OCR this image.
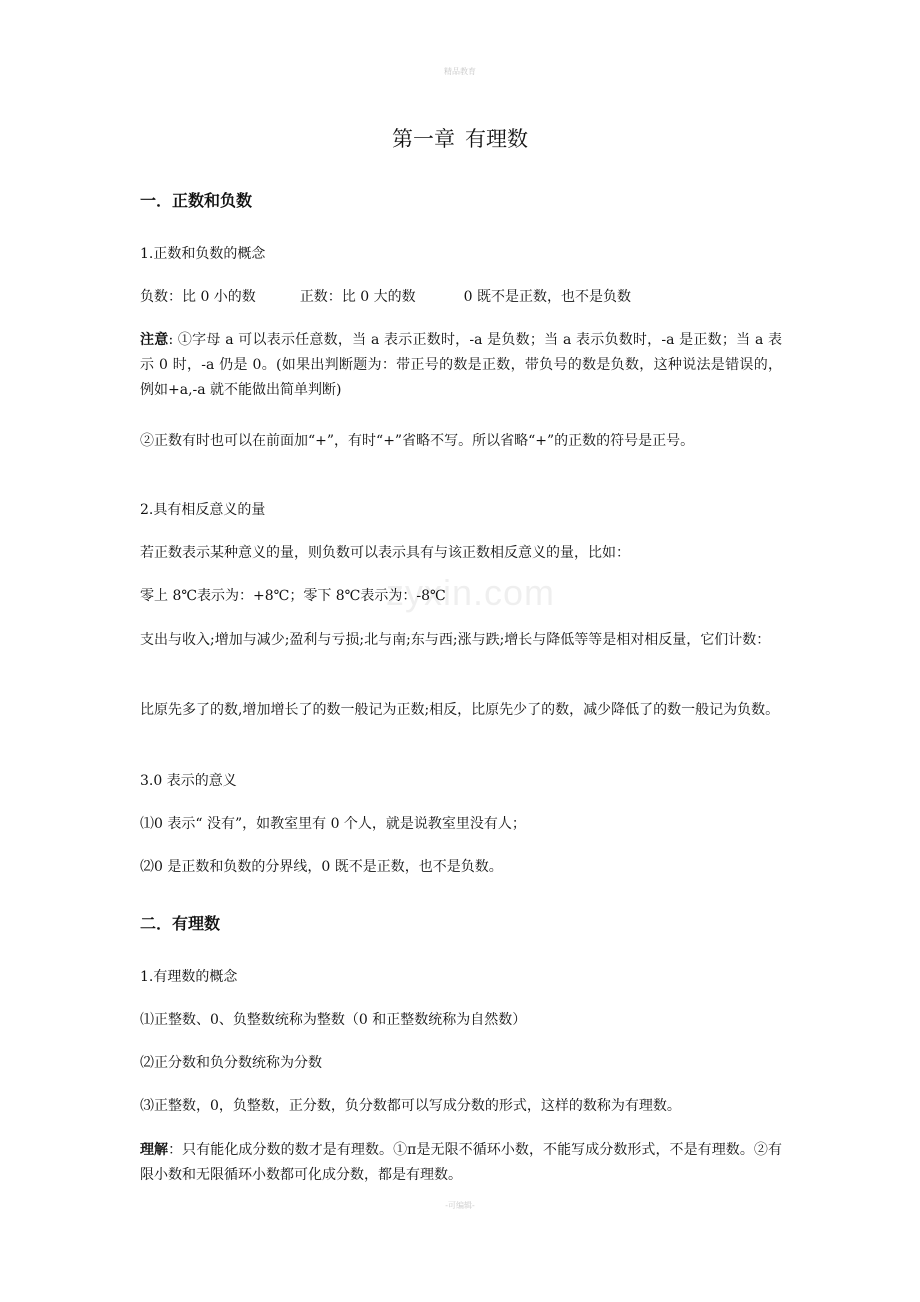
精品教育
zyxin.com
第一章 有理数
一．正数和负数
1.正数和负数的概念
负数：比 0 小的数	正数：比 0 大的数	0 既不是正数，也不是负数
注意: ①字母 a 可以表示任意数，当 a 表示正数时，-a 是负数；当 a 表示负数时，-a 是正数；当 a 表示 0 时，-a 仍是 0。(如果出判断题为：带正号的数是正数，带负号的数是负数，这种说法是错误的，例如+a,-a 就不能做出简单判断)
②正数有时也可以在前面加“+”，有时“+”省略不写。所以省略“+”的正数的符号是正号。
2.具有相反意义的量
若正数表示某种意义的量，则负数可以表示具有与该正数相反意义的量，比如：
零上 8℃表示为：+8℃；零下 8℃表示为：-8℃
支出与收入;增加与减少;盈利与亏损;北与南;东与西;涨与跌;增长与降低等等是相对相反量，它们计数：
比原先多了的数,增加增长了的数一般记为正数;相反，比原先少了的数，减少降低了的数一般记为负数。
3.0 表示的意义
⑴0 表示“ 没有”，如教室里有 0 个人，就是说教室里没有人；
⑵0 是正数和负数的分界线，0 既不是正数，也不是负数。
二．有理数
1.有理数的概念
⑴正整数、0、负整数统称为整数（0 和正整数统称为自然数）
⑵正分数和负分数统称为分数
⑶正整数，0，负整数，正分数，负分数都可以写成分数的形式，这样的数称为有理数。
理解：只有能化成分数的数才是有理数。①π是无限不循环小数，不能写成分数形式，不是有理数。②有限小数和无限循环小数都可化成分数，都是有理数。
-可编辑-
